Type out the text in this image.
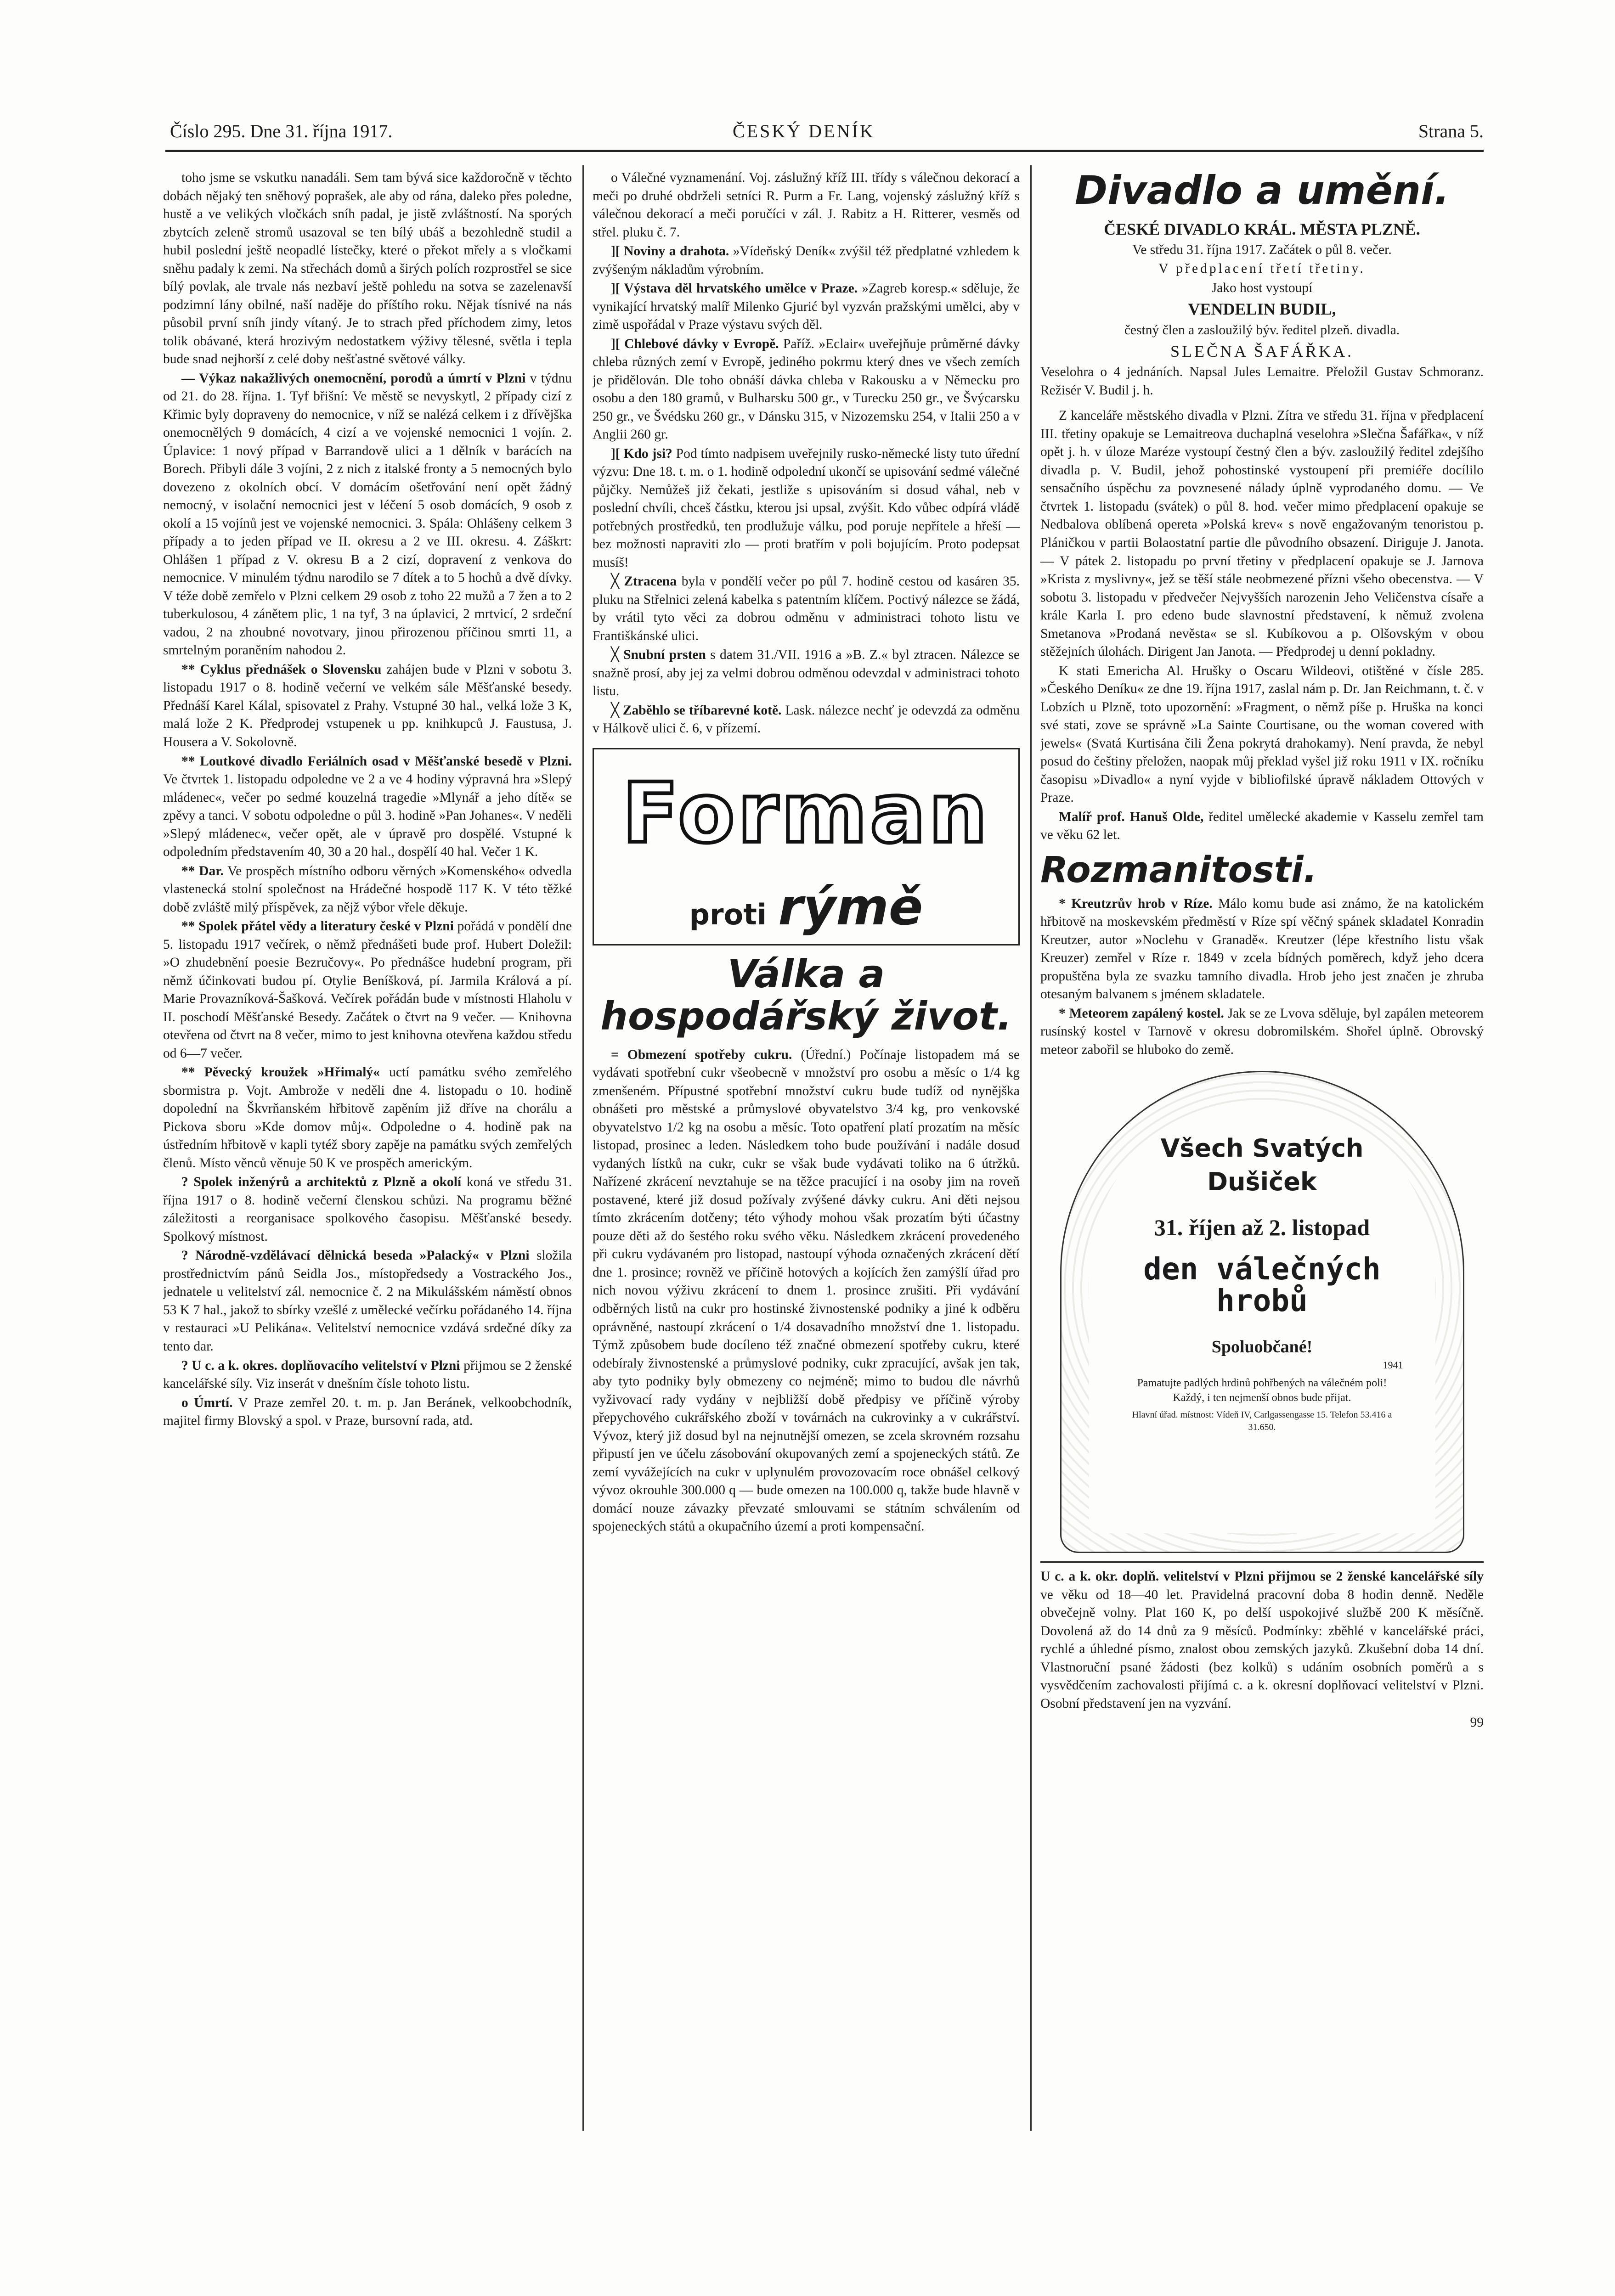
Číslo 295. Dne 31. října 1917.	ČESKÝ DENÍK	Strana 5.

toho jsme se vskutku nanadáli. Sem tam bývá sice každoročně v těchto dobách nějaký ten sněhový poprašek, ale aby od rána, daleko přes poledne, hustě a ve velikých vločkách sníh padal, je jistě zvláštností. Na sporých zbytcích zeleně stromů usazoval se ten bílý ubáš a bezohledně studil a hubil poslední ještě neopadlé lístečky, které o překot mřely a s vločkami sněhu padaly k zemi. Na střechách domů a širých polích rozprostřel se sice bílý povlak, ale trvale nás nezbaví ještě pohledu na sotva se zazelenavší podzimní lány obilné, naší naděje do příštího roku. Nějak tísnivé na nás působil první sníh jindy vítaný. Je to strach před příchodem zimy, letos tolik obávané, která hrozivým nedostatkem výživy tělesné, světla i tepla bude snad nejhorší z celé doby nešťastné světové války.

— Výkaz nakažlivých onemocnění, porodů a úmrtí v Plzni v týdnu od 21. do 28. října. 1. Tyf břišní: Ve městě se nevyskytl, 2 případy cizí z Křimic byly dopraveny do nemocnice, v níž se nalézá celkem i z dřívějška onemocnělých 9 domácích, 4 cizí a ve vojenské nemocnici 1 vojín. 2. Úplavice: 1 nový případ v Barrandově ulici a 1 dělník v barácích na Borech. Přibyli dále 3 vojíni, 2 z nich z italské fronty a 5 nemocných bylo dovezeno z okolních obcí. V domácím ošetřování není opět žádný nemocný, v isolační nemocnici jest v léčení 5 osob domácích, 9 osob z okolí a 15 vojínů jest ve vojenské nemocnici. 3. Spála: Ohlášeny celkem 3 případy a to jeden případ ve II. okresu a 2 ve III. okresu. 4. Záškrt: Ohlášen 1 případ z V. okresu B a 2 cizí, dopravení z venkova do nemocnice. V minulém týdnu narodilo se 7 dítek a to 5 hochů a dvě dívky. V téže době zemřelo v Plzni celkem 29 osob z toho 22 mužů a 7 žen a to 2 tuberkulosou, 4 zánětem plic, 1 na tyf, 3 na úplavici, 2 mrtvicí, 2 srdeční vadou, 2 na zhoubné novotvary, jinou přirozenou příčinou smrti 11, a smrtelným poraněním nahodou 2.

** Cyklus přednášek o Slovensku zahájen bude v Plzni v sobotu 3. listopadu 1917 o 8. hodině večerní ve velkém sále Měšťanské besedy. Přednáší Karel Kálal, spisovatel z Prahy. Vstupné 30 hal., velká lože 3 K, malá lože 2 K. Předprodej vstupenek u pp. knihkupců J. Faustusa, J. Housera a V. Sokolovně.

** Loutkové divadlo Feriálních osad v Měšťanské besedě v Plzni. Ve čtvrtek 1. listopadu odpoledne ve 2 a ve 4 hodiny výpravná hra »Slepý mládenec«, večer po sedmé kouzelná tragedie »Mlynář a jeho dítě« se zpěvy a tanci. V sobotu odpoledne o půl 3. hodině »Pan Johanes«. V neděli »Slepý mládenec«, večer opět, ale v úpravě pro dospělé. Vstupné k odpoledním představením 40, 30 a 20 hal., dospělí 40 hal. Večer 1 K.

** Dar. Ve prospěch místního odboru věrných »Komenského« odvedla vlastenecká stolní společnost na Hrádečné hospodě 117 K. V této těžké době zvláště milý příspěvek, za nějž výbor vřele děkuje.

** Spolek přátel vědy a literatury české v Plzni pořádá v pondělí dne 5. listopadu 1917 večírek, o němž přednášeti bude prof. Hubert Doležil: »O zhudebnění poesie Bezručovy«. Po přednášce hudební program, při němž účinkovati budou pí. Otylie Beníšková, pí. Jarmila Králová a pí. Marie Provazníková-Šašková. Večírek pořádán bude v místnosti Hlaholu v II. poschodí Měšťanské Besedy. Začátek o čtvrt na 9 večer. — Knihovna otevřena od čtvrt na 8 večer, mimo to jest knihovna otevřena každou středu od 6—7 večer.

** Pěvecký kroužek »Hřimalý« uctí památku svého zemřelého sbormistra p. Vojt. Ambrože v neděli dne 4. listopadu o 10. hodině dopolední na Škvrňanském hřbitově zapěním již dříve na chorálu a Pickova sboru »Kde domov můj«. Odpoledne o 4. hodině pak na ústředním hřbitově v kapli tytéž sbory zapěje na památku svých zemřelých členů. Místo věnců věnuje 50 K ve prospěch americkým.

? Spolek inženýrů a architektů z Plzně a okolí koná ve středu 31. října 1917 o 8. hodině večerní členskou schůzi. Na programu běžné záležitosti a reorganisace spolkového časopisu. Měšťanské besedy. Spolkový místnost.

? Národně-vzdělávací dělnická beseda »Palacký« v Plzni složila prostřednictvím pánů Seidla Jos., místopředsedy a Vostrackého Jos., jednatele u velitelství zál. nemocnice č. 2 na Mikulášském náměstí obnos 53 K 7 hal., jakož to sbírky vzešlé z umělecké večírku pořádaného 14. října v restauraci »U Pelikána«. Velitelství nemocnice vzdává srdečné díky za tento dar.

? U c. a k. okres. doplňovacího velitelství v Plzni přijmou se 2 ženské kancelářské síly. Viz inserát v dnešním čísle tohoto listu.

o Úmrtí. V Praze zemřel 20. t. m. p. Jan Beránek, velkoobchodník, majitel firmy Blovský a spol. v Praze, bursovní rada, atd.

o Válečné vyznamenání. Voj. záslužný kříž III. třídy s válečnou dekorací a meči po druhé obdrželi setníci R. Purm a Fr. Lang, vojenský záslužný kříž s válečnou dekorací a meči poručíci v zál. J. Rabitz a H. Ritterer, vesměs od střel. pluku č. 7.

][ Noviny a drahota. »Vídeňský Deník« zvýšil též předplatné vzhledem k zvýšeným nákladům výrobním.

][ Výstava děl hrvatského umělce v Praze. »Zagreb koresp.« sděluje, že vynikající hrvatský malíř Milenko Gjurić byl vyzván pražskými umělci, aby v zimě uspořádal v Praze výstavu svých děl.

][ Chlebové dávky v Evropě. Paříž. »Eclair« uveřejňuje průměrné dávky chleba různých zemí v Evropě, jediného pokrmu který dnes ve všech zemích je přidělován. Dle toho obnáší dávka chleba v Rakousku a v Německu pro osobu a den 180 gramů, v Bulharsku 500 gr., v Turecku 250 gr., ve Švýcarsku 250 gr., ve Švédsku 260 gr., v Dánsku 315, v Nizozemsku 254, v Italii 250 a v Anglii 260 gr.

][ Kdo jsi? Pod tímto nadpisem uveřejnily rusko-německé listy tuto úřední výzvu: Dne 18. t. m. o 1. hodině odpolední ukončí se upisování sedmé válečné půjčky. Nemůžeš již čekati, jestliže s upisováním si dosud váhal, neb v poslední chvíli, chceš částku, kterou jsi upsal, zvýšit. Kdo vůbec odpírá vládě potřebných prostředků, ten prodlužuje válku, pod poruje nepřítele a hřeší — bez možnosti napraviti zlo — proti bratřím v poli bojujícím. Proto podepsat musíš!

╳ Ztracena byla v pondělí večer po půl 7. hodině cestou od kasáren 35. pluku na Střelnici zelená kabelka s patentním klíčem. Poctivý nálezce se žádá, by vrátil tyto věci za dobrou odměnu v administraci tohoto listu ve Františkánské ulici.

╳ Snubní prsten s datem 31./VII. 1916 a »B. Z.« byl ztracen. Nálezce se snažně prosí, aby jej za velmi dobrou odměnou odevzdal v administraci tohoto listu.

╳ Zaběhlo se tříbarevné kotě. Lask. nálezce nechť je odevzdá za odměnu v Hálkově ulici č. 6, v přízemí.

Forman
proti rýmě
Válka a hospodářský život.

= Obmezení spotřeby cukru. (Úřední.) Počínaje listopadem má se vydávati spotřební cukr všeobecně v množství pro osobu a měsíc o 1/4 kg zmenšeném. Přípustné spotřební množství cukru bude tudíž od nynějška obnášeti pro městské a průmyslové obyvatelstvo 3/4 kg, pro venkovské obyvatelstvo 1/2 kg na osobu a měsíc. Toto opatření platí prozatím na měsíc listopad, prosinec a leden. Následkem toho bude používání i nadále dosud vydaných lístků na cukr, cukr se však bude vydávati toliko na 6 útržků. Nařízené zkrácení nevztahuje se na těžce pracující i na osoby jim na roveň postavené, které již dosud požívaly zvýšené dávky cukru. Ani děti nejsou tímto zkrácením dotčeny; této výhody mohou však prozatím býti účastny pouze děti až do šestého roku svého věku. Následkem zkrácení provedeného při cukru vydávaném pro listopad, nastoupí výhoda označených zkrácení dětí dne 1. prosince; rovněž ve příčině hotových a kojících žen zamýšlí úřad pro nich novou výživu zkrácení to dnem 1. prosince zrušiti. Při vydávání odběrných listů na cukr pro hostinské živnostenské podniky a jiné k odběru oprávněné, nastoupí zkrácení o 1/4 dosavadního množství dne 1. listopadu. Týmž způsobem bude docíleno též značné obmezení spotřeby cukru, které odebíraly živnostenské a průmyslové podniky, cukr zpracující, avšak jen tak, aby tyto podniky byly obmezeny co nejméně; mimo to budou dle návrhů vyživovací rady vydány v nejbližší době předpisy ve příčině výroby přepychového cukrářského zboží v továrnách na cukrovinky a v cukrářství. Vývoz, který již dosud byl na nejnutnější omezen, se zcela skrovném rozsahu připustí jen ve účelu zásobování okupovaných zemí a spojeneckých států. Ze zemí vyvážejících na cukr v uplynulém provozovacím roce obnášel celkový vývoz okrouhle 300.000 q — bude omezen na 100.000 q, takže bude hlavně v domácí nouze závazky převzaté smlouvami se státním schválením od spojeneckých států a okupačního území a proti kompensační.

Divadlo a umění.

ČESKÉ DIVADLO KRÁL. MĚSTA PLZNĚ.

Ve středu 31. října 1917. Začátek o půl 8. večer.

V předplacení třetí třetiny.

Jako host vystoupí

VENDELIN BUDIL,

čestný člen a zasloužilý býv. ředitel plzeň. divadla.

SLEČNA ŠAFÁŘKA.

Veselohra o 4 jednáních. Napsal Jules Lemaitre. Přeložil Gustav Schmoranz. Režisér V. Budil j. h.

Z kanceláře městského divadla v Plzni. Zítra ve středu 31. října v předplacení III. třetiny opakuje se Lemaitreova duchaplná veselohra »Slečna Šafářka«, v níž opět j. h. v úloze Maréze vystoupí čestný člen a býv. zasloužilý ředitel zdejšího divadla p. V. Budil, jehož pohostinské vystoupení při premiéře docílilo sensačního úspěchu za povznesené nálady úplně vyprodaného domu. — Ve čtvrtek 1. listopadu (svátek) o půl 8. hod. večer mimo předplacení opakuje se Nedbalova oblíbená opereta »Polská krev« s nově engažovaným tenoristou p. Pláničkou v partii Bolaostatní partie dle původního obsazení. Diriguje J. Janota. — V pátek 2. listopadu po první třetiny v předplacení opakuje se J. Jarnova »Krista z myslivny«, jež se těší stále neobmezené přízni všeho obecenstva. — V sobotu 3. listopadu v předvečer Nejvyšších narozenin Jeho Veličenstva císaře a krále Karla I. pro edeno bude slavnostní představení, k němuž zvolena Smetanova »Prodaná nevěsta« se sl. Kubíkovou a p. Olšovským v obou stěžejních úlohách. Dirigent Jan Janota. — Předprodej u denní pokladny.

K stati Emericha Al. Hrušky o Oscaru Wildeovi, otištěné v čísle 285. »Českého Deníku« ze dne 19. října 1917, zaslal nám p. Dr. Jan Reichmann, t. č. v Lobzích u Plzně, toto upozornění: »Fragment, o němž píše p. Hruška na konci své stati, zove se správně »La Sainte Courtisane, ou the woman covered with jewels« (Svatá Kurtisána čili Žena pokrytá drahokamy). Není pravda, že nebyl posud do češtiny přeložen, naopak můj překlad vyšel již roku 1911 v IX. ročníku časopisu »Divadlo« a nyní vyjde v bibliofilské úpravě nákladem Ottových v Praze.

Malíř prof. Hanuš Olde, ředitel umělecké akademie v Kasselu zemřel tam ve věku 62 let.

Rozmanitosti.

* Kreutzrův hrob v Ríze. Málo komu bude asi známo, že na katolickém hřbitově na moskevském předměstí v Ríze spí věčný spánek skladatel Konradin Kreutzer, autor »Noclehu v Granadě«. Kreutzer (lépe křestního listu však Kreuzer) zemřel v Ríze r. 1849 v zcela bídných poměrech, když jeho dcera propuštěna byla ze svazku tamního divadla. Hrob jeho jest značen je zhruba otesaným balvanem s jménem skladatele.

* Meteorem zapálený kostel. Jak se ze Lvova sděluje, byl zapálen meteorem rusínský kostel v Tarnově v okresu dobromilském. Shořel úplně. Obrovský meteor zabořil se hluboko do země.

Všech Svatých
Dušiček
31. říjen až 2. listopad
den válečných hrobů
Spoluobčané!
1941
Pamatujte padlých hrdinů pohřbených na válečném poli! Každý, i ten nejmenší obnos bude přijat.
Hlavní úřad. místnost: Vídeň IV, Carlgassengasse 15. Telefon 53.416 a 31.650.

U c. a k. okr. doplň. velitelství v Plzni přijmou se 2 ženské kancelářské síly ve věku od 18—40 let. Pravidelná pracovní doba 8 hodin denně. Neděle obvečejně volny. Plat 160 K, po delší uspokojivé službě 200 K měsíčně. Dovolená až do 14 dnů za 9 měsíců. Podmínky: zběhlé v kancelářské práci, rychlé a úhledné písmo, znalost obou zemských jazyků. Zkušební doba 14 dní. Vlastnoruční psané žádosti (bez kolků) s udáním osobních poměrů a s vysvědčením zachovalosti přijímá c. a k. okresní doplňovací velitelství v Plzni. Osobní představení jen na vyzvání.

99
